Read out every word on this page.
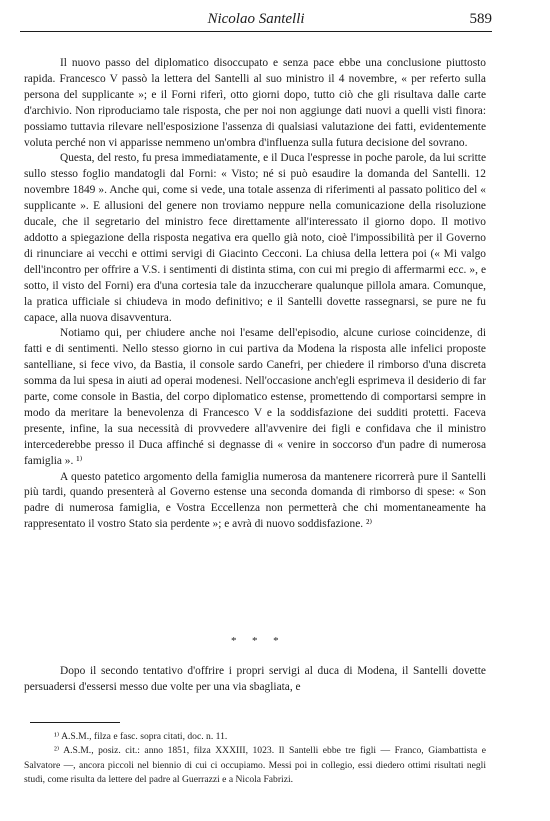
Nicolao Santelli	589

Il nuovo passo del diplomatico disoccupato e senza pace ebbe una conclusione piuttosto rapida. Francesco V passò la lettera del Santelli al suo ministro il 4 novembre, « per referto sulla persona del supplicante »; e il Forni riferì, otto giorni dopo, tutto ciò che gli risultava dalle carte d'archivio. Non riproduciamo tale risposta, che per noi non aggiunge dati nuovi a quelli visti finora: possiamo tuttavia rilevare nell'esposizione l'assenza di qualsiasi valutazione dei fatti, evidentemente voluta perché non vi apparisse nemmeno un'ombra d'influenza sulla futura decisione del sovrano.

Questa, del resto, fu presa immediatamente, e il Duca l'espresse in poche parole, da lui scritte sullo stesso foglio mandatogli dal Forni: « Visto; né si può esaudire la domanda del Santelli. 12 novembre 1849 ». Anche qui, come si vede, una totale assenza di riferimenti al passato politico del « supplicante ». E allusioni del genere non troviamo neppure nella comunicazione della risoluzione ducale, che il segretario del ministro fece direttamente all'interessato il giorno dopo. Il motivo addotto a spiegazione della risposta negativa era quello già noto, cioè l'impossibilità per il Governo di rinunciare ai vecchi e ottimi servigi di Giacinto Cecconi. La chiusa della lettera poi (« Mi valgo dell'incontro per offrire a V.S. i sentimenti di distinta stima, con cui mi pregio di affermarmi ecc. », e sotto, il visto del Forni) era d'una cortesia tale da inzuccherare qualunque pillola amara. Comunque, la pratica ufficiale si chiudeva in modo definitivo; e il Santelli dovette rassegnarsi, se pure ne fu capace, alla nuova disavventura.

Notiamo qui, per chiudere anche noi l'esame dell'episodio, alcune curiose coincidenze, di fatti e di sentimenti. Nello stesso giorno in cui partiva da Modena la risposta alle infelici proposte santelliane, si fece vivo, da Bastia, il console sardo Canefri, per chiedere il rimborso d'una discreta somma da lui spesa in aiuti ad operai modenesi. Nell'occasione anch'egli esprimeva il desiderio di far parte, come console in Bastia, del corpo diplomatico estense, promettendo di comportarsi sempre in modo da meritare la benevolenza di Francesco V e la soddisfazione dei sudditi protetti. Faceva presente, infine, la sua necessità di provvedere all'avvenire dei figli e confidava che il ministro intercederebbe presso il Duca affinché si degnasse di « venire in soccorso d'un padre di numerosa famiglia ». ¹⁾

A questo patetico argomento della famiglia numerosa da mantenere ricorrerà pure il Santelli più tardi, quando presenterà al Governo estense una seconda domanda di rimborso di spese: « Son padre di numerosa famiglia, e Vostra Eccellenza non permetterà che chi momentaneamente ha rappresentato il vostro Stato sia perdente »; e avrà di nuovo soddisfazione. ²⁾

* * *

Dopo il secondo tentativo d'offrire i propri servigi al duca di Modena, il Santelli dovette persuadersi d'essersi messo due volte per una via sbagliata, e

¹⁾ A.S.M., filza e fasc. sopra citati, doc. n. 11.

²⁾ A.S.M., posiz. cit.: anno 1851, filza XXXIII, 1023. Il Santelli ebbe tre figli — Franco, Giambattista e Salvatore —, ancora piccoli nel biennio di cui ci occupiamo. Messi poi in collegio, essi diedero ottimi risultati negli studi, come risulta da lettere del padre al Guerrazzi e a Nicola Fabrizi.
